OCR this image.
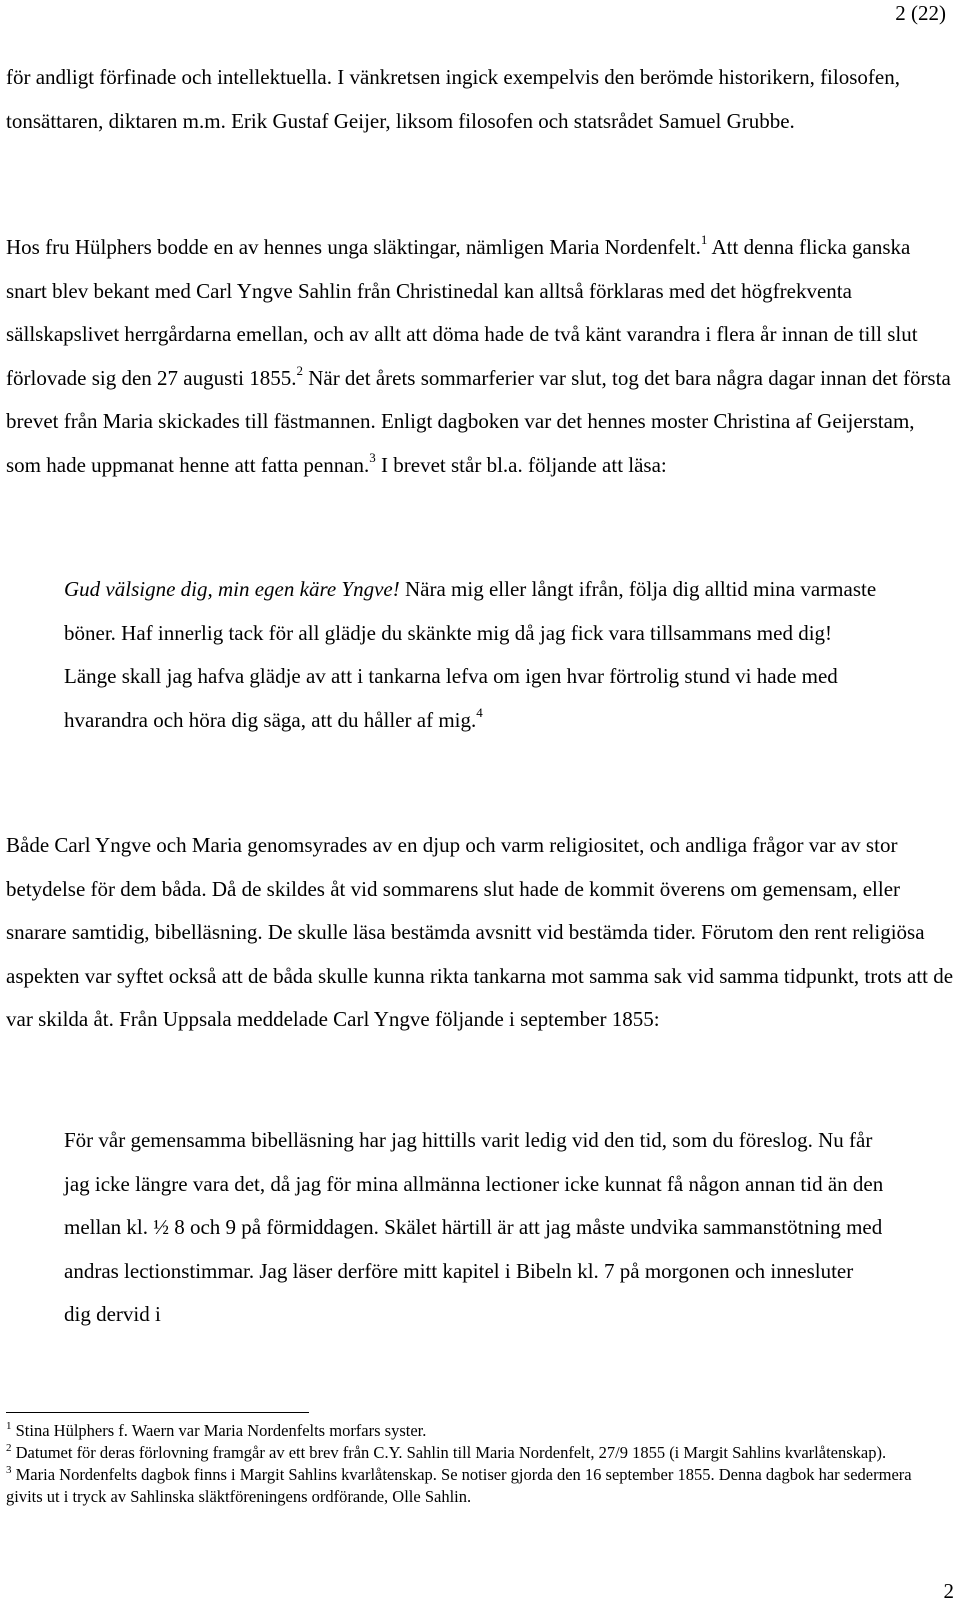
2 (22)

för andligt förfinade och intellektuella. I vänkretsen ingick exempelvis den berömde historikern, filosofen, tonsättaren, diktaren m.m. Erik Gustaf Geijer, liksom filosofen och statsrådet Samuel Grubbe.

Hos fru Hülphers bodde en av hennes unga släktingar, nämligen Maria Nordenfelt.$^1$ Att denna flicka ganska snart blev bekant med Carl Yngve Sahlin från Christinedal kan alltså förklaras med det högfrekventa sällskapslivet herrgårdarna emellan, och av allt att döma hade de två känt varandra i flera år innan de till slut förlovade sig den 27 augusti 1855.$^2$ När det årets sommarferier var slut, tog det bara några dagar innan det första brevet från Maria skickades till fästmannen. Enligt dagboken var det hennes moster Christina af Geijerstam, som hade uppmanat henne att fatta pennan.$^3$ I brevet står bl.a. följande att läsa:

Gud välsigne dig, min egen käre Yngve! Nära mig eller långt ifrån, följa dig alltid mina varmaste böner. Haf innerlig tack för all glädje du skänkte mig då jag fick vara tillsammans med dig! Länge skall jag hafva glädje av att i tankarna lefva om igen hvar förtrolig stund vi hade med hvarandra och höra dig säga, att du håller af mig.$^4$

Både Carl Yngve och Maria genomsyrades av en djup och varm religiositet, och andliga frågor var av stor betydelse för dem båda. Då de skildes åt vid sommarens slut hade de kommit överens om gemensam, eller snarare samtidig, bibelläsning. De skulle läsa bestämda avsnitt vid bestämda tider. Förutom den rent religiösa aspekten var syftet också att de båda skulle kunna rikta tankarna mot samma sak vid samma tidpunkt, trots att de var skilda åt. Från Uppsala meddelade Carl Yngve följande i september 1855:

För vår gemensamma bibelläsning har jag hittills varit ledig vid den tid, som du föreslog. Nu får jag icke längre vara det, då jag för mina allmänna lectioner icke kunnat få någon annan tid än den mellan kl. ½ 8 och 9 på förmiddagen. Skälet härtill är att jag måste undvika sammanstötning med andras lectionstimmar. Jag läser derföre mitt kapitel i Bibeln kl. 7 på morgonen och innesluter dig dervid i

$^1$ Stina Hülphers f. Waern var Maria Nordenfelts morfars syster.

$^2$ Datumet för deras förlovning framgår av ett brev från C.Y. Sahlin till Maria Nordenfelt, 27/9 1855 (i Margit Sahlins kvarlåtenskap).

$^3$ Maria Nordenfelts dagbok finns i Margit Sahlins kvarlåtenskap. Se notiser gjorda den 16 september 1855. Denna dagbok har sedermera givits ut i tryck av Sahlinska släktföreningens ordförande, Olle Sahlin.

2
